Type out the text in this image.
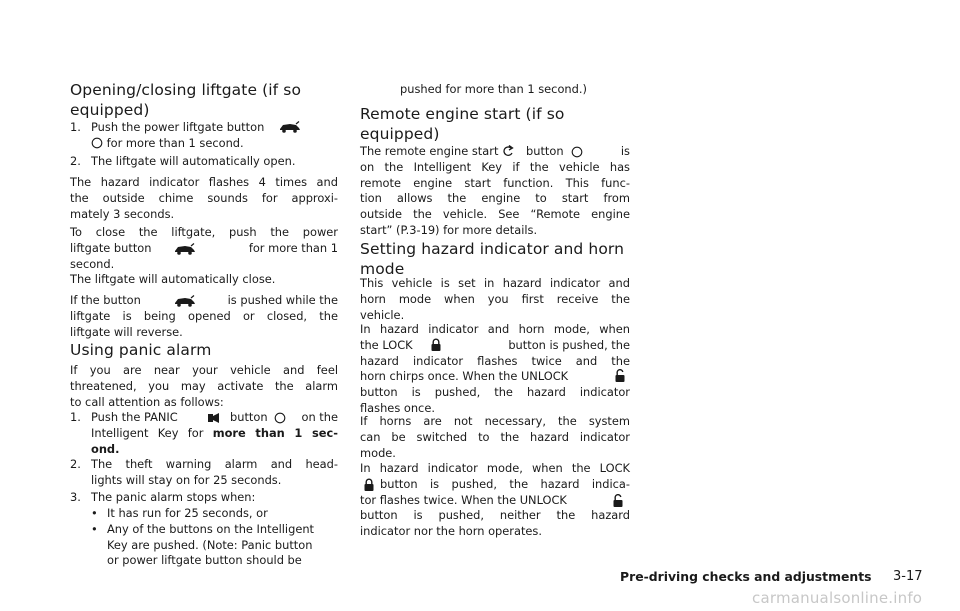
Opening/closing liftgate (if so
equipped)
1. Push the power liftgate button
for more than 1 second.
2. The liftgate will automatically open.
The hazard indicator flashes 4 times and
the outside chime sounds for approxi-
mately 3 seconds.
To close the liftgate, push the power
liftgate button	for more than 1
second.
The liftgate will automatically close.
If the button	is pushed while the
liftgate is being opened or closed, the
liftgate will reverse.
Using panic alarm
If you are near your vehicle and feel
threatened, you may activate the alarm
to call attention as follows:
1. Push the PANIC	button	on the
Intelligent Key for more than 1 sec-
ond.
2. The theft warning alarm and head-
lights will stay on for 25 seconds.
3. The panic alarm stops when:
• It has run for 25 seconds, or
• Any of the buttons on the Intelligent
Key are pushed. (Note: Panic button
or power liftgate button should be
pushed for more than 1 second.)
Remote engine start (if so
equipped)
The remote engine start button	is
on the Intelligent Key if the vehicle has
remote engine start function. This func-
tion allows the engine to start from
outside the vehicle. See “Remote engine
start” (P.3-19) for more details.
Setting hazard indicator and horn
mode
This vehicle is set in hazard indicator and
horn mode when you first receive the
vehicle.
In hazard indicator and horn mode, when
the LOCK	button is pushed, the
hazard indicator flashes twice and the
horn chirps once. When the UNLOCK
button is pushed, the hazard indicator
flashes once.
If horns are not necessary, the system
can be switched to the hazard indicator
mode.
In hazard indicator mode, when the LOCK
button is pushed, the hazard indica-
tor flashes twice. When the UNLOCK
button is pushed, neither the hazard
indicator nor the horn operates.
Pre-driving checks and adjustments 3-17
carmanualsonline.info
